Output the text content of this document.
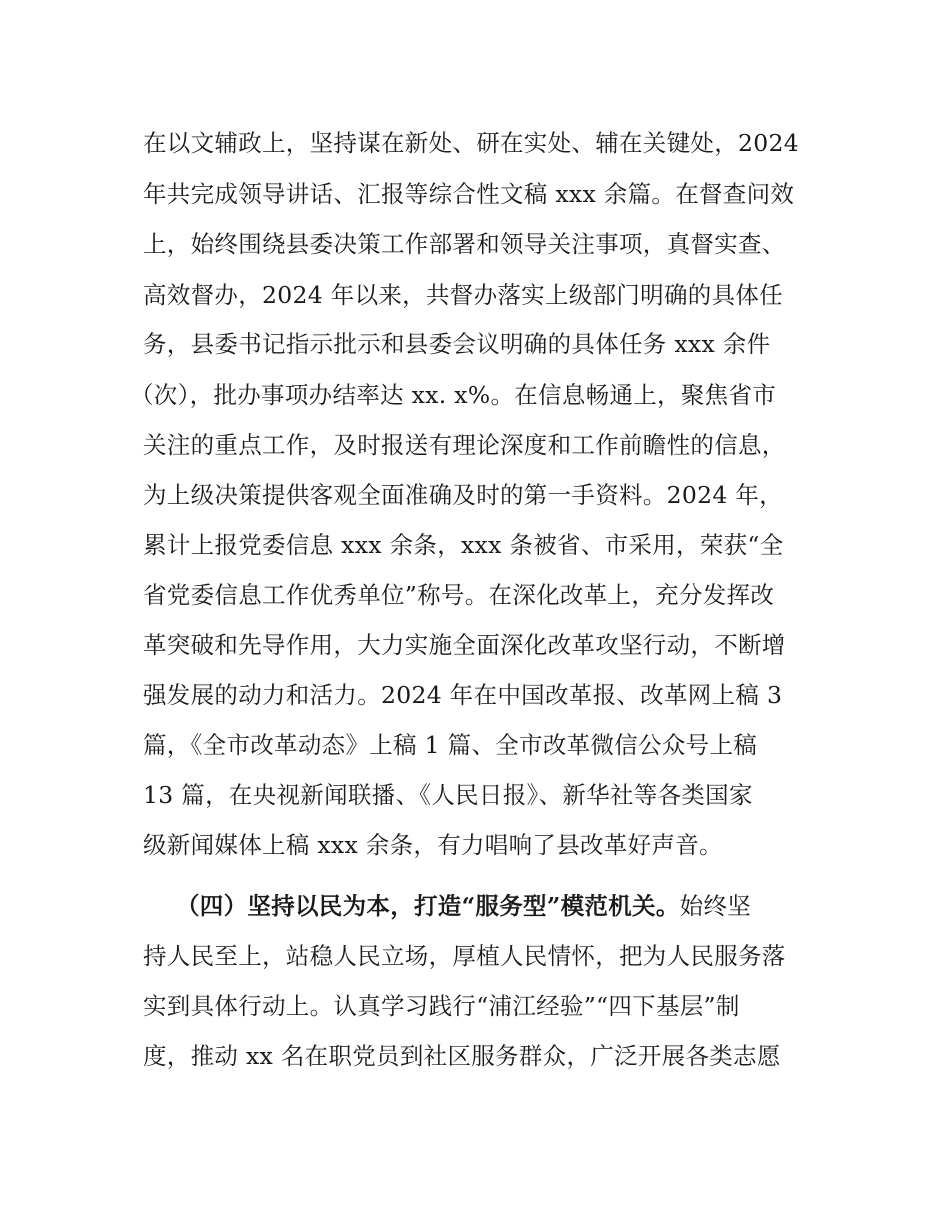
在以文辅政上，坚持谋在新处、研在实处、辅在关键处，2024
年共完成领导讲话、汇报等综合性文稿 xxx 余篇。在督查问效
上，始终围绕县委决策工作部署和领导关注事项，真督实查、
高效督办，2024 年以来，共督办落实上级部门明确的具体任
务，县委书记指示批示和县委会议明确的具体任务 xxx 余件
（次），批办事项办结率达 xx. x%。在信息畅通上，聚焦省市
关注的重点工作，及时报送有理论深度和工作前瞻性的信息，
为上级决策提供客观全面准确及时的第一手资料。2024 年，
累计上报党委信息 xxx 余条，xxx 条被省、市采用，荣获“全
省党委信息工作优秀单位”称号。在深化改革上，充分发挥改
革突破和先导作用，大力实施全面深化改革攻坚行动，不断增
强发展的动力和活力。2024 年在中国改革报、改革网上稿 3
篇，《全市改革动态》上稿 1 篇、全市改革微信公众号上稿
13 篇，在央视新闻联播、《人民日报》、新华社等各类国家
级新闻媒体上稿 xxx 余条，有力唱响了县改革好声音。
（四）坚持以民为本，打造“服务型”模范机关。始终坚
持人民至上，站稳人民立场，厚植人民情怀，把为人民服务落
实到具体行动上。认真学习践行“浦江经验”“四下基层”制
度，推动 xx 名在职党员到社区服务群众，广泛开展各类志愿
